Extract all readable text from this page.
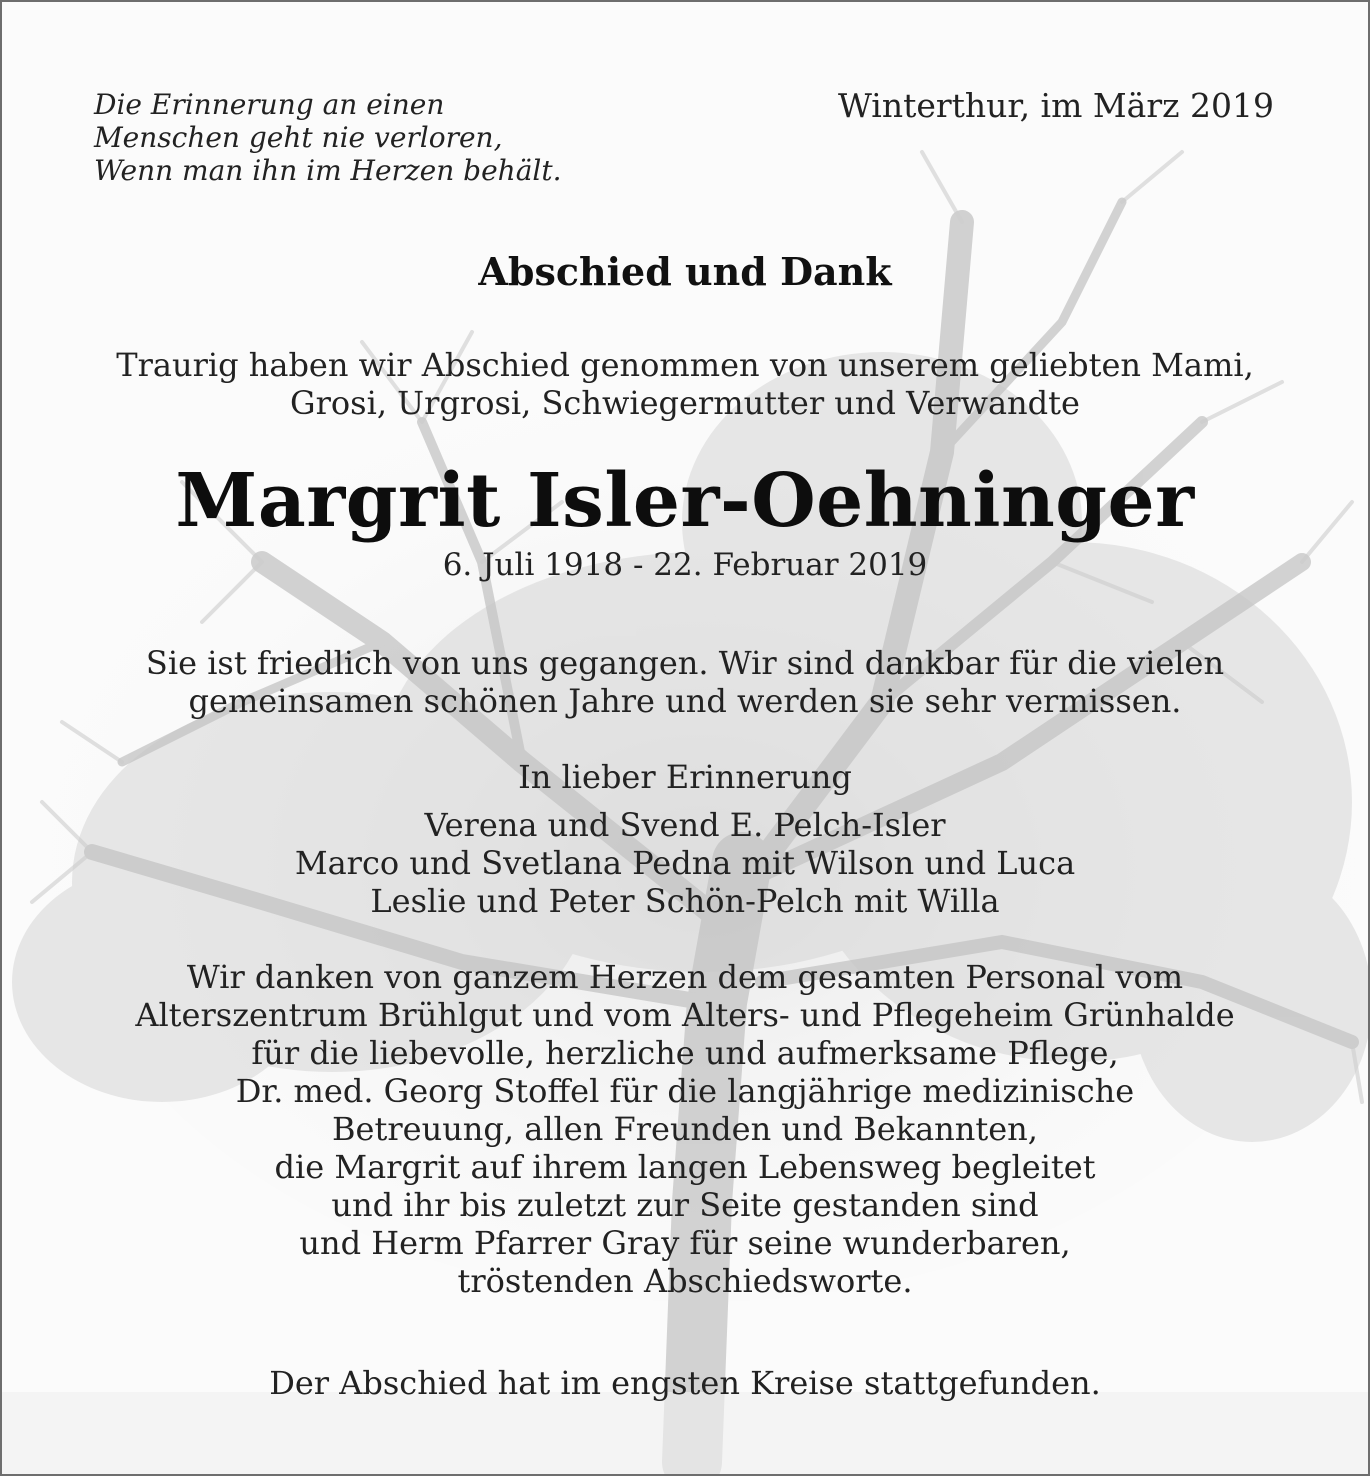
Die Erinnerung an einen
Menschen geht nie verloren,
Wenn man ihn im Herzen behält.
Winterthur, im März 2019
Abschied und Dank
Traurig haben wir Abschied genommen von unserem geliebten Mami,
Grosi, Urgrosi, Schwiegermutter und Verwandte
Margrit Isler-Oehninger
6. Juli 1918 - 22. Februar 2019
Sie ist friedlich von uns gegangen. Wir sind dankbar für die vielen
gemeinsamen schönen Jahre und werden sie sehr vermissen.
In lieber Erinnerung
Verena und Svend E. Pelch-Isler
Marco und Svetlana Pedna mit Wilson und Luca
Leslie und Peter Schön-Pelch mit Willa
Wir danken von ganzem Herzen dem gesamten Personal vom
Alterszentrum Brühlgut und vom Alters- und Pflegeheim Grünhalde
für die liebevolle, herzliche und aufmerksame Pflege,
Dr. med. Georg Stoffel für die langjährige medizinische
Betreuung, allen Freunden und Bekannten,
die Margrit auf ihrem langen Lebensweg begleitet
und ihr bis zuletzt zur Seite gestanden sind
und Herm Pfarrer Gray für seine wunderbaren,
tröstenden Abschiedsworte.
Der Abschied hat im engsten Kreise stattgefunden.
